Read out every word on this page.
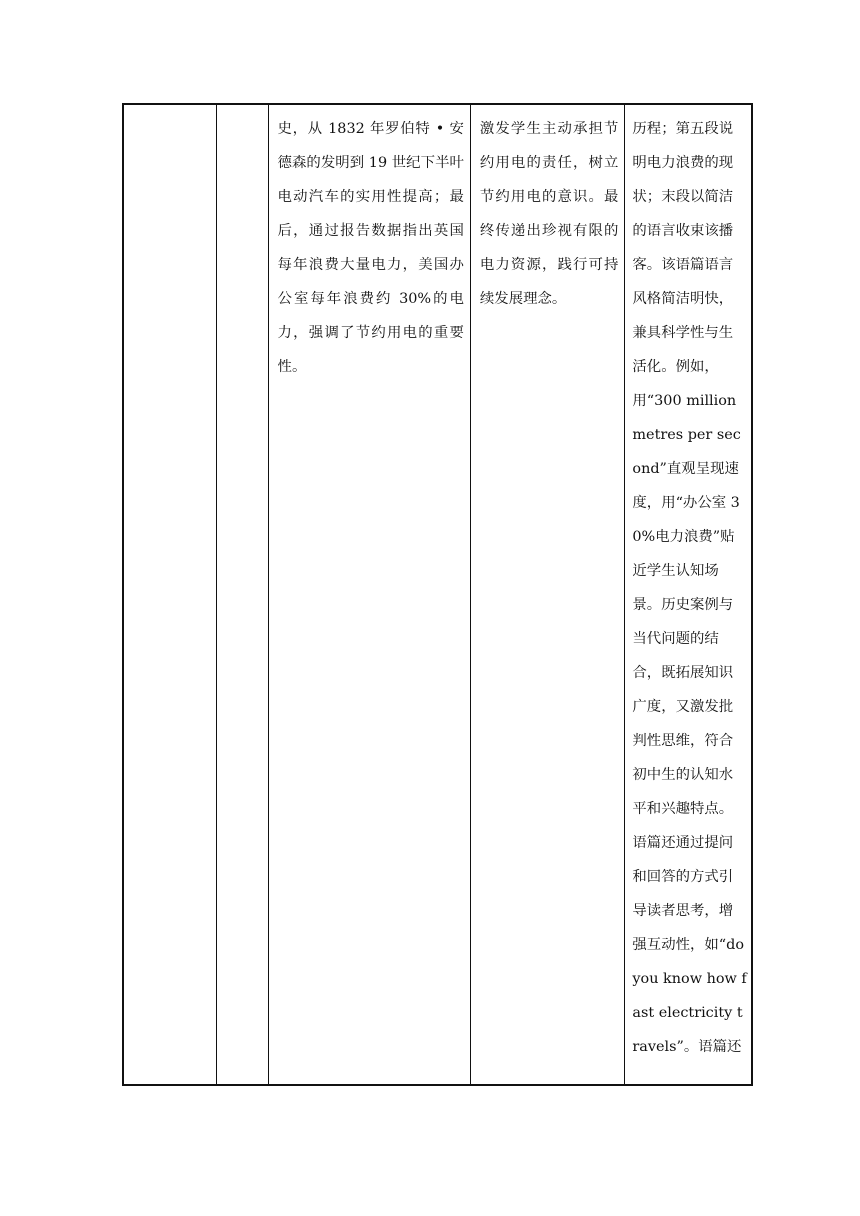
史，从 1832 年罗伯特 • 安德森的发明到 19 世纪下半叶电动汽车的实用性提高；最后，通过报告数据指出英国每年浪费大量电力，美国办公室每年浪费约 30%的电力，强调了节约用电的重要性。

激发学生主动承担节约用电的责任，树立节约用电的意识。最终传递出珍视有限的电力资源，践行可持续发展理念。

历程；第五段说明电力浪费的现状；末段以简洁的语言收束该播客。该语篇语言风格简洁明快，兼具科学性与生活化。例如，用“300 million metres per second”直观呈现速度，用“办公室 30%电力浪费”贴近学生认知场景。历史案例与当代问题的结合，既拓展知识广度，又激发批判性思维，符合初中生的认知水平和兴趣特点。语篇还通过提问和回答的方式引导读者思考，增强互动性，如“do you know how fast electricity travels”。语篇还
